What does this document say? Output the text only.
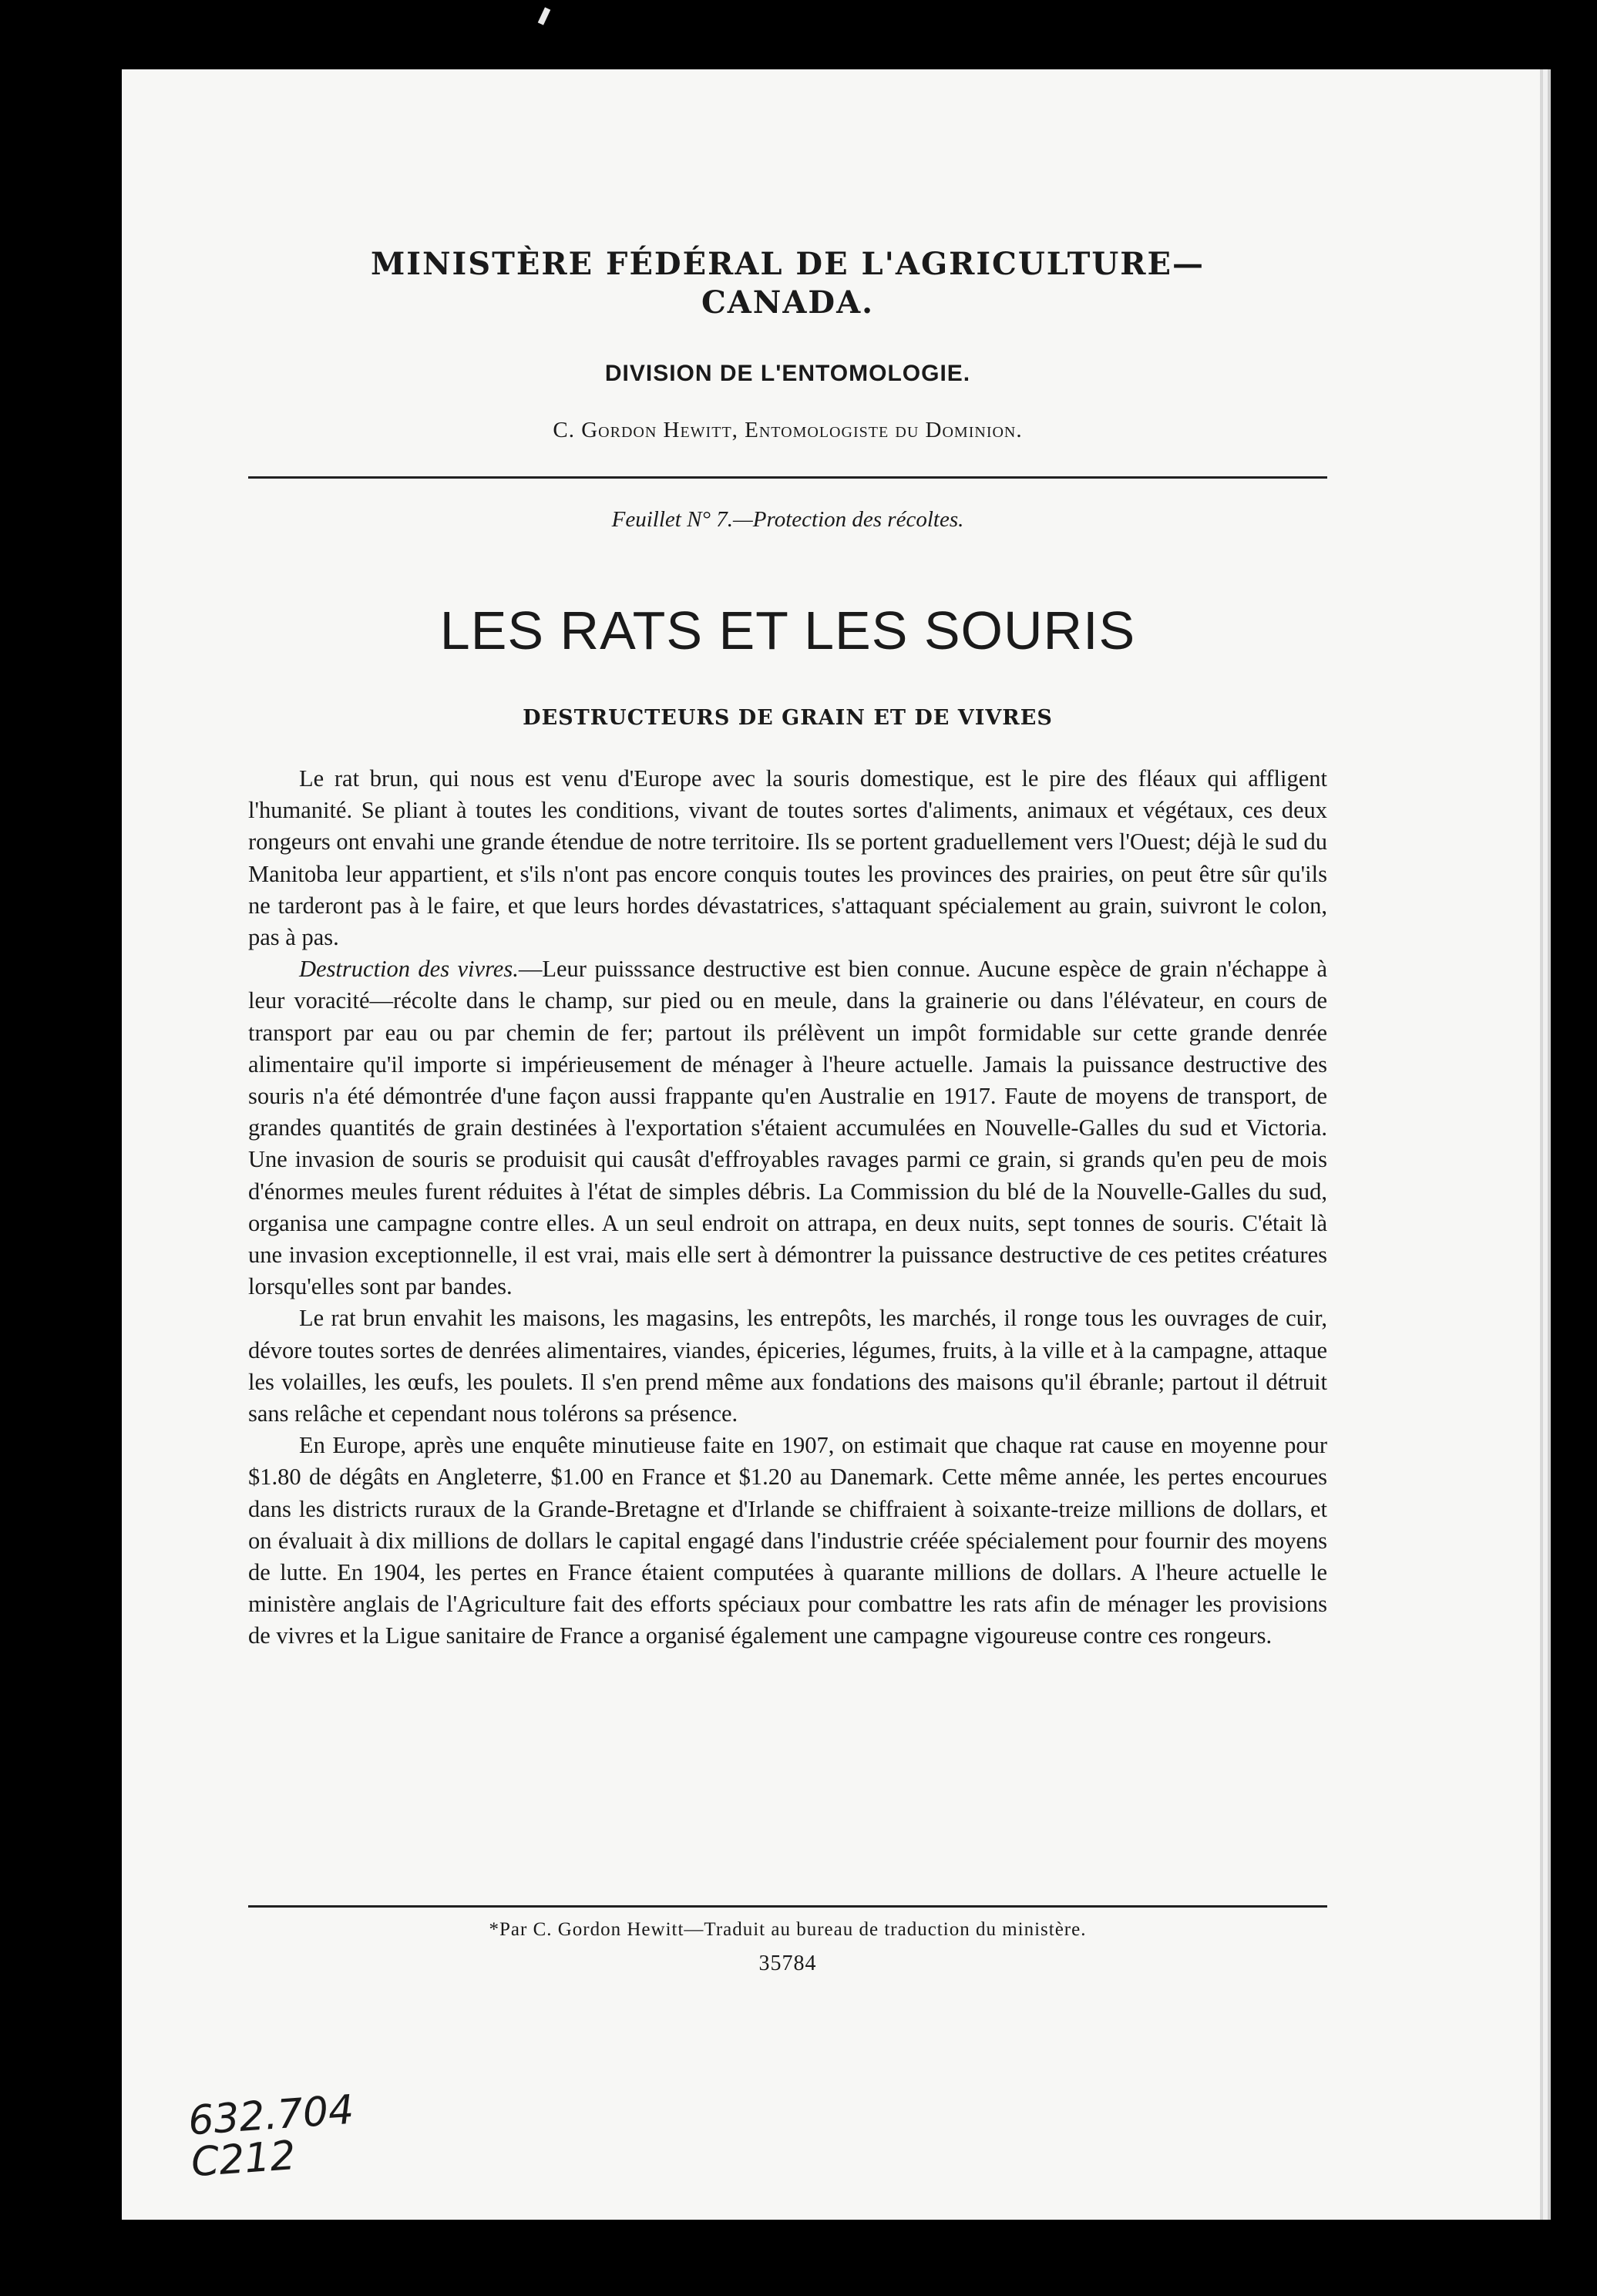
MINISTÈRE FÉDÉRAL DE L'AGRICULTURE—
CANADA.
DIVISION DE L'ENTOMOLOGIE.
C. Gordon Hewitt, Entomologiste du Dominion.
Feuillet N° 7.—Protection des récoltes.
LES RATS ET LES SOURIS
DESTRUCTEURS DE GRAIN ET DE VIVRES

Le rat brun, qui nous est venu d'Europe avec la souris domestique, est le pire des fléaux qui affligent l'humanité. Se pliant à toutes les conditions, vivant de toutes sortes d'aliments, animaux et végétaux, ces deux rongeurs ont envahi une grande étendue de notre territoire. Ils se portent graduellement vers l'Ouest; déjà le sud du Manitoba leur appartient, et s'ils n'ont pas encore conquis toutes les provinces des prairies, on peut être sûr qu'ils ne tarderont pas à le faire, et que leurs hordes dévastatrices, s'attaquant spécialement au grain, suivront le colon, pas à pas.

Destruction des vivres.—Leur puisssance destructive est bien connue. Aucune espèce de grain n'échappe à leur voracité—récolte dans le champ, sur pied ou en meule, dans la grainerie ou dans l'élévateur, en cours de transport par eau ou par chemin de fer; partout ils prélèvent un impôt formidable sur cette grande denrée alimentaire qu'il importe si impérieusement de ménager à l'heure actuelle. Jamais la puissance destructive des souris n'a été démontrée d'une façon aussi frappante qu'en Australie en 1917. Faute de moyens de transport, de grandes quantités de grain destinées à l'exportation s'étaient accumulées en Nouvelle-Galles du sud et Victoria. Une invasion de souris se produisit qui causât d'effroyables ravages parmi ce grain, si grands qu'en peu de mois d'énormes meules furent réduites à l'état de simples débris. La Commission du blé de la Nouvelle-Galles du sud, organisa une campagne contre elles. A un seul endroit on attrapa, en deux nuits, sept tonnes de souris. C'était là une invasion exceptionnelle, il est vrai, mais elle sert à démontrer la puissance destructive de ces petites créatures lorsqu'elles sont par bandes.

Le rat brun envahit les maisons, les magasins, les entrepôts, les marchés, il ronge tous les ouvrages de cuir, dévore toutes sortes de denrées alimentaires, viandes, épiceries, légumes, fruits, à la ville et à la campagne, attaque les volailles, les œufs, les poulets. Il s'en prend même aux fondations des maisons qu'il ébranle; partout il détruit sans relâche et cependant nous tolérons sa présence.

En Europe, après une enquête minutieuse faite en 1907, on estimait que chaque rat cause en moyenne pour $1.80 de dégâts en Angleterre, $1.00 en France et $1.20 au Danemark. Cette même année, les pertes encourues dans les districts ruraux de la Grande-Bretagne et d'Irlande se chiffraient à soixante-treize millions de dollars, et on évaluait à dix millions de dollars le capital engagé dans l'industrie créée spécialement pour fournir des moyens de lutte. En 1904, les pertes en France étaient computées à quarante millions de dollars. A l'heure actuelle le ministère anglais de l'Agriculture fait des efforts spéciaux pour combattre les rats afin de ménager les provisions de vivres et la Ligue sanitaire de France a organisé également une campagne vigoureuse contre ces rongeurs.

*Par C. Gordon Hewitt—Traduit au bureau de traduction du ministère.
35784
632.704
C212
